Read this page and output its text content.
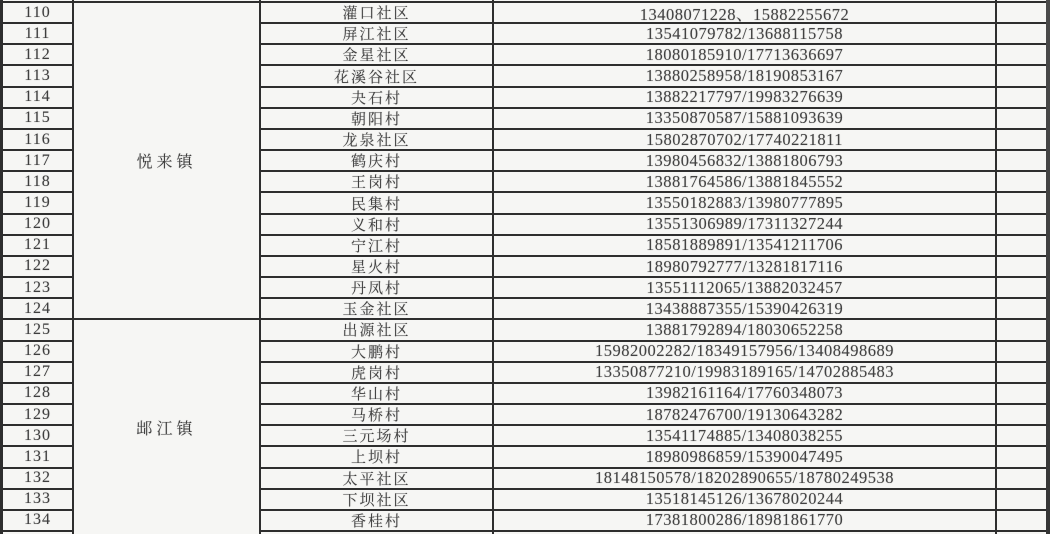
110	灌口社区	13408071228、15882255672
111	屏江社区	13541079782/13688115758
112	金星社区	18080185910/17713636697
113	花溪谷社区	13880258958/18190853167
114	夬石村	13882217797/19983276639
115	朝阳村	13350870587/15881093639
116	龙泉社区	15802870702/17740221811
117	鹤庆村	13980456832/13881806793
118	王岗村	13881764586/13881845552
119	民集村	13550182883/13980777895
120	义和村	13551306989/17311327244
121	宁江村	18581889891/13541211706
122	星火村	18980792777/13281817116
123	丹凤村	13551112065/13882032457
124	玉金社区	13438887355/15390426319
悦来镇
125	出源社区	13881792894/18030652258
126	大鹏村	15982002282/18349157956/13408498689
127	虎岗村	13350877210/19983189165/14702885483
128	华山村	13982161164/17760348073
129	马桥村	18782476700/19130643282
130	三元场村	13541174885/13408038255
131	上坝村	18980986859/15390047495
132	太平社区	18148150578/18202890655/18780249538
133	下坝社区	13518145126/13678020244
134	香桂村	17381800286/18981861770
䢺江镇
